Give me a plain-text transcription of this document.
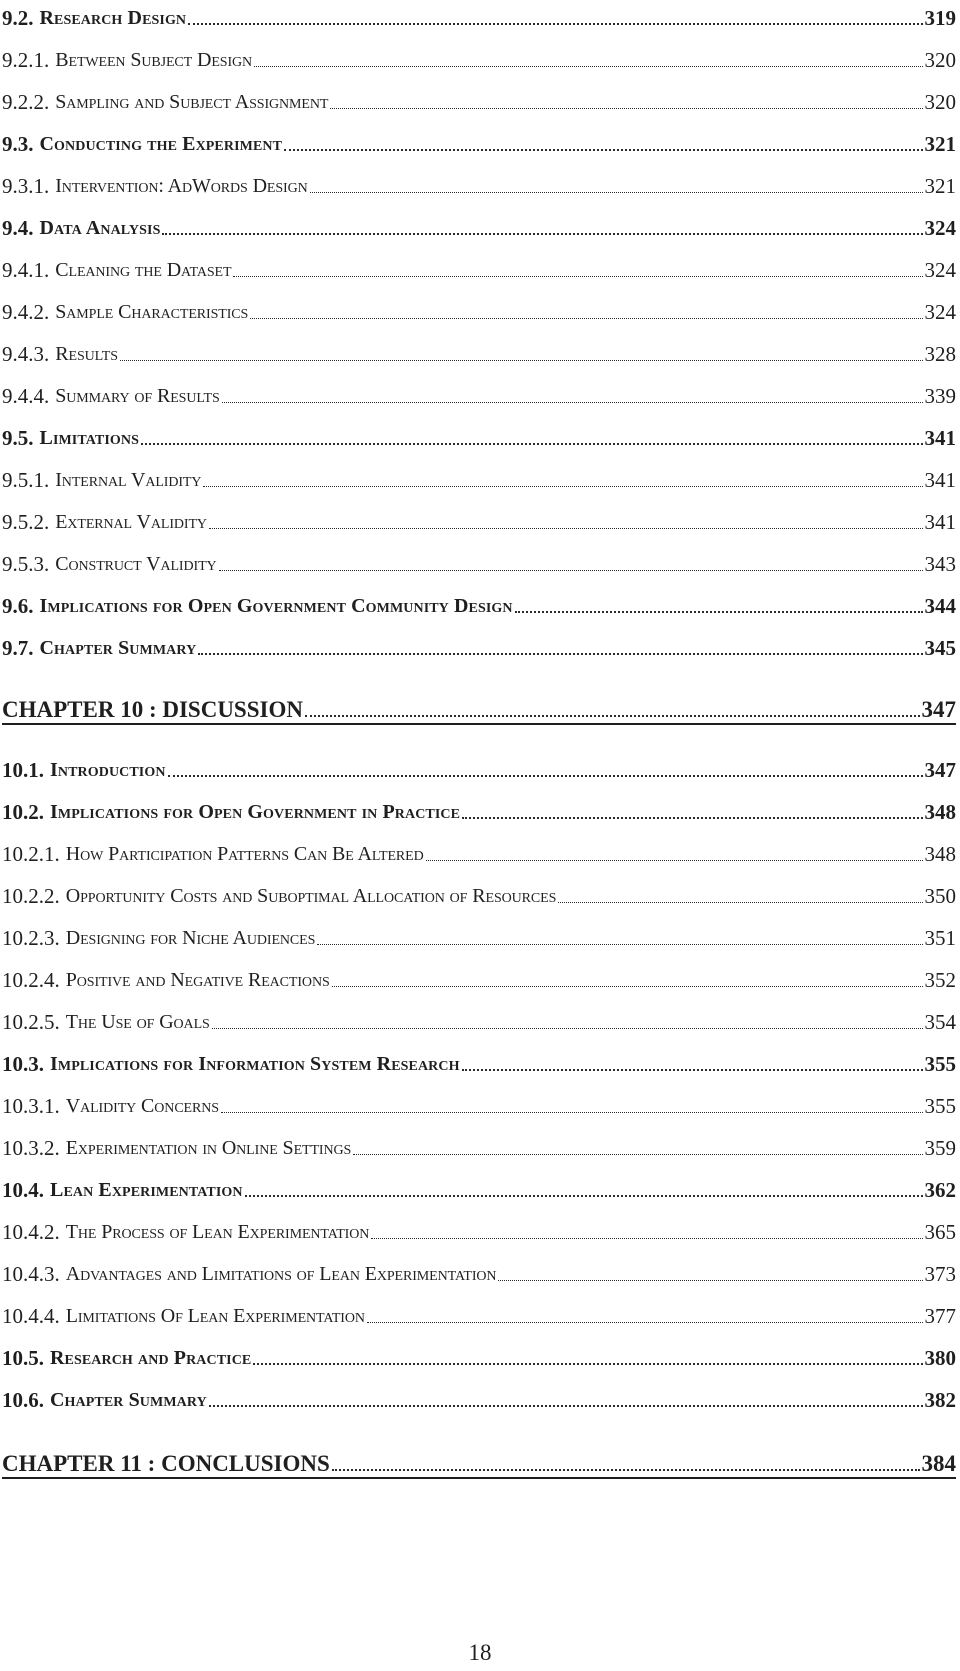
9.2. Research Design	319
9.2.1. Between Subject Design	320
9.2.2. Sampling and Subject Assignment	320
9.3. Conducting the Experiment	321
9.3.1. Intervention: AdWords Design	321
9.4. Data Analysis	324
9.4.1. Cleaning the Dataset	324
9.4.2. Sample Characteristics	324
9.4.3. Results	328
9.4.4. Summary of Results	339
9.5. Limitations	341
9.5.1. Internal Validity	341
9.5.2. External Validity	341
9.5.3. Construct Validity	343
9.6. Implications for Open Government Community Design	344
9.7. Chapter Summary	345
CHAPTER 10 : DISCUSSION	347
10.1. Introduction	347
10.2. Implications for Open Government in Practice	348
10.2.1. How Participation Patterns Can Be Altered	348
10.2.2. Opportunity Costs and Suboptimal Allocation of Resources	350
10.2.3. Designing for Niche Audiences	351
10.2.4. Positive and Negative Reactions	352
10.2.5. The Use of Goals	354
10.3. Implications for Information System Research	355
10.3.1. Validity Concerns	355
10.3.2. Experimentation in Online Settings	359
10.4. Lean Experimentation	362
10.4.2. The Process of Lean Experimentation	365
10.4.3. Advantages and Limitations of Lean Experimentation	373
10.4.4. Limitations Of Lean Experimentation	377
10.5. Research and Practice	380
10.6. Chapter Summary	382
CHAPTER 11 : CONCLUSIONS	384
18
